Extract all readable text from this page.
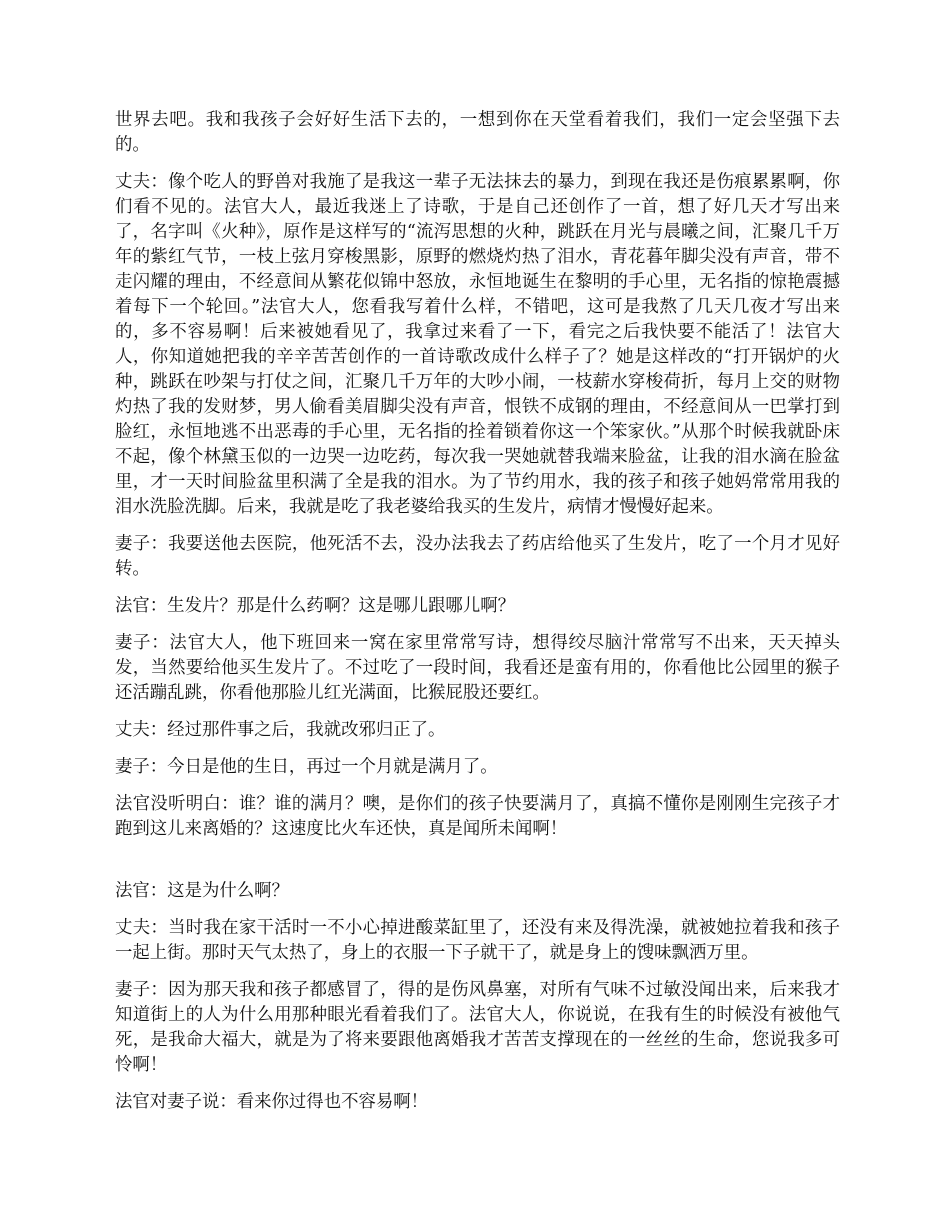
世界去吧。我和我孩子会好好生活下去的，一想到你在天堂看着我们，我们一定会坚强下去的。

丈夫：像个吃人的野兽对我施了是我这一辈子无法抹去的暴力，到现在我还是伤痕累累啊，你们看不见的。法官大人，最近我迷上了诗歌，于是自己还创作了一首，想了好几天才写出来了，名字叫《火种》，原作是这样写的“流泻思想的火种，跳跃在月光与晨曦之间，汇聚几千万年的紫红气节，一枝上弦月穿梭黑影，原野的燃烧灼热了泪水，青花暮年脚尖没有声音，带不走闪耀的理由，不经意间从繁花似锦中怒放，永恒地诞生在黎明的手心里，无名指的惊艳震撼着每下一个轮回。”法官大人，您看我写着什么样，不错吧，这可是我熬了几天几夜才写出来的，多不容易啊！后来被她看见了，我拿过来看了一下，看完之后我快要不能活了！法官大人，你知道她把我的辛辛苦苦创作的一首诗歌改成什么样子了？她是这样改的“打开锅炉的火种，跳跃在吵架与打仗之间，汇聚几千万年的大吵小闹，一枝薪水穿梭荷折，每月上交的财物灼热了我的发财梦，男人偷看美眉脚尖没有声音，恨铁不成钢的理由，不经意间从一巴掌打到脸红，永恒地逃不出恶毒的手心里，无名指的拴着锁着你这一个笨家伙。”从那个时候我就卧床不起，像个林黛玉似的一边哭一边吃药，每次我一哭她就替我端来脸盆，让我的泪水滴在脸盆里，才一天时间脸盆里积满了全是我的泪水。为了节约用水，我的孩子和孩子她妈常常用我的泪水洗脸洗脚。后来，我就是吃了我老婆给我买的生发片，病情才慢慢好起来。

妻子：我要送他去医院，他死活不去，没办法我去了药店给他买了生发片，吃了一个月才见好转。

法官：生发片？那是什么药啊？这是哪儿跟哪儿啊？

妻子：法官大人，他下班回来一窝在家里常常写诗，想得绞尽脑汁常常写不出来，天天掉头发，当然要给他买生发片了。不过吃了一段时间，我看还是蛮有用的，你看他比公园里的猴子还活蹦乱跳，你看他那脸儿红光满面，比猴屁股还要红。

丈夫：经过那件事之后，我就改邪归正了。

妻子：今日是他的生日，再过一个月就是满月了。

法官没听明白：谁？谁的满月？噢，是你们的孩子快要满月了，真搞不懂你是刚刚生完孩子才跑到这儿来离婚的？这速度比火车还快，真是闻所未闻啊！

法官：这是为什么啊？

丈夫：当时我在家干活时一不小心掉进酸菜缸里了，还没有来及得洗澡，就被她拉着我和孩子一起上街。那时天气太热了，身上的衣服一下子就干了，就是身上的馊味飘洒万里。

妻子：因为那天我和孩子都感冒了，得的是伤风鼻塞，对所有气味不过敏没闻出来，后来我才知道街上的人为什么用那种眼光看着我们了。法官大人，你说说，在我有生的时候没有被他气死，是我命大福大，就是为了将来要跟他离婚我才苦苦支撑现在的一丝丝的生命，您说我多可怜啊！

法官对妻子说：看来你过得也不容易啊！
